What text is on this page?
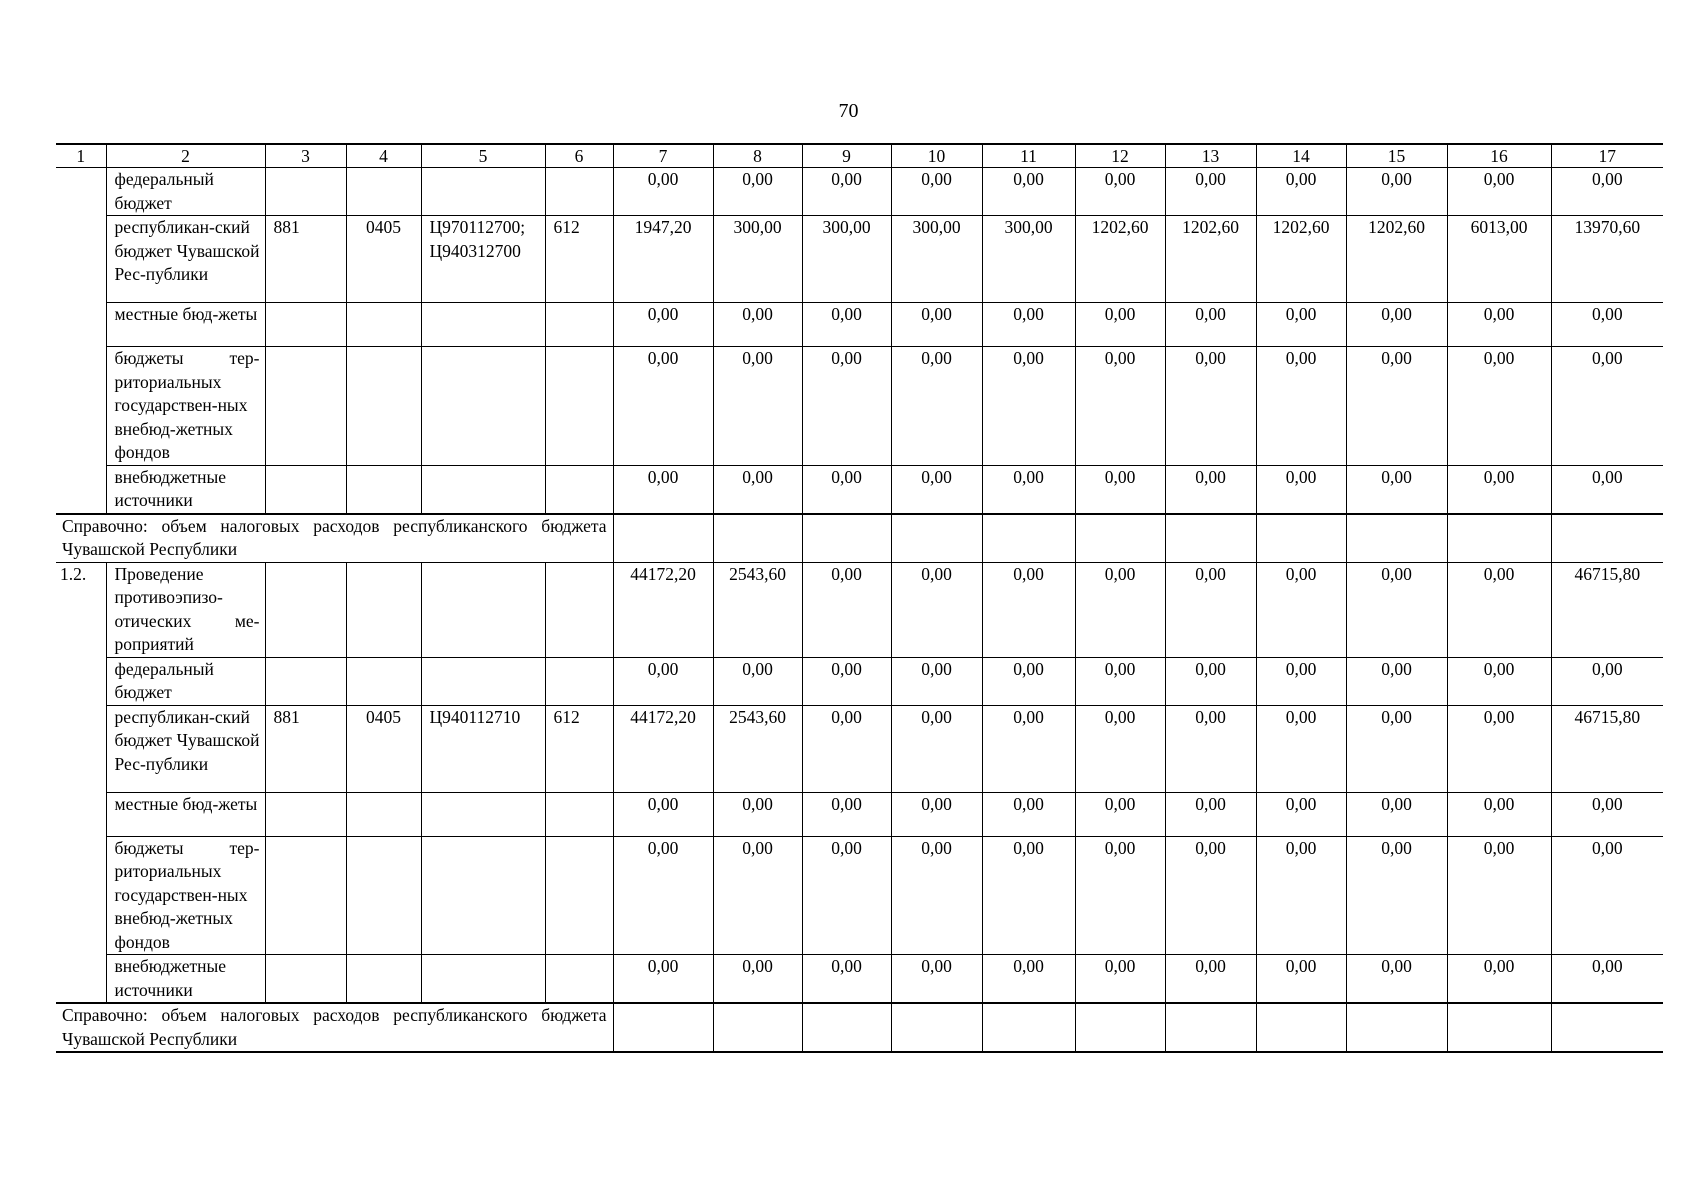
70
1	2	3	4	5	6	7	8	9	10	11	12	13	14	15	16	17
	федеральный бюджет					0,00	0,00	0,00	0,00	0,00	0,00	0,00	0,00	0,00	0,00	0,00
	республикан-ский бюджет Чувашской Рес-публики	881	0405	Ц970112700; Ц940312700	612	1947,20	300,00	300,00	300,00	300,00	1202,60	1202,60	1202,60	1202,60	6013,00	13970,60
	местные бюд-жеты					0,00	0,00	0,00	0,00	0,00	0,00	0,00	0,00	0,00	0,00	0,00
	бюджеты тер-риториальных государствен-ных внебюд-жетных фондов					0,00	0,00	0,00	0,00	0,00	0,00	0,00	0,00	0,00	0,00	0,00
	внебюджетные источники					0,00	0,00	0,00	0,00	0,00	0,00	0,00	0,00	0,00	0,00	0,00
Справочно: объем налоговых расходов республиканского бюджета Чувашской Республики																
1.2.	Проведение противоэпизо-отических ме-роприятий					44172,20	2543,60	0,00	0,00	0,00	0,00	0,00	0,00	0,00	0,00	46715,80
	федеральный бюджет					0,00	0,00	0,00	0,00	0,00	0,00	0,00	0,00	0,00	0,00	0,00
	республикан-ский бюджет Чувашской Рес-публики	881	0405	Ц940112710	612	44172,20	2543,60	0,00	0,00	0,00	0,00	0,00	0,00	0,00	0,00	46715,80
	местные бюд-жеты					0,00	0,00	0,00	0,00	0,00	0,00	0,00	0,00	0,00	0,00	0,00
	бюджеты тер-риториальных государствен-ных внебюд-жетных фондов					0,00	0,00	0,00	0,00	0,00	0,00	0,00	0,00	0,00	0,00	0,00
	внебюджетные источники					0,00	0,00	0,00	0,00	0,00	0,00	0,00	0,00	0,00	0,00	0,00
Справочно: объем налоговых расходов республиканского бюджета Чувашской Республики																
